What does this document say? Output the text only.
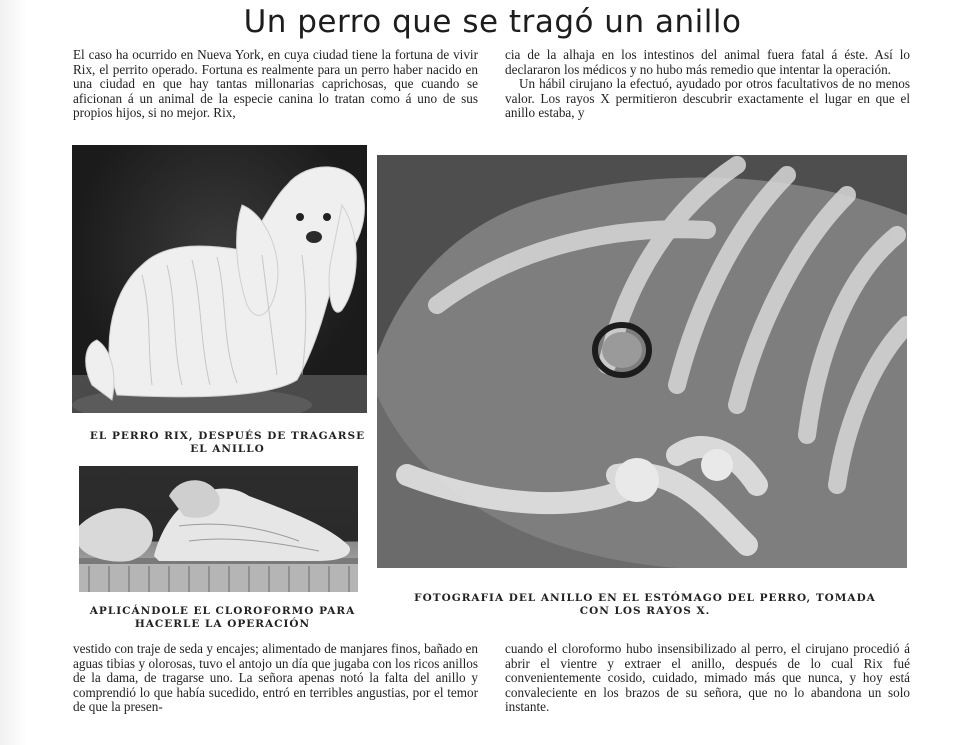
Un perro que se tragó un anillo

El caso ha ocurrido en Nueva York, en cuya ciudad tiene la fortuna de vivir Rix, el perrito operado. Fortuna es realmente para un perro haber nacido en una ciudad en que hay tantas millonarias caprichosas, que cuando se aficionan á un animal de la especie canina lo tratan como á uno de sus propios hijos, si no mejor. Rix,

cia de la alhaja en los intestinos del animal fuera fatal á éste. Así lo declararon los médicos y no hubo más remedio que intentar la operación.

Un hábil cirujano la efectuó, ayudado por otros facultativos de no menos valor. Los rayos X permitieron descubrir exactamente el lugar en que el anillo estaba, y

EL PERRO RIX, DESPUÉS DE TRAGARSE EL ANILLO
APLICÁNDOLE EL CLOROFORMO PARA HACERLE LA OPERACIÓN
FOTOGRAFIA DEL ANILLO EN EL ESTÓMAGO DEL PERRO, TOMADA CON LOS RAYOS X.

vestido con traje de seda y encajes; alimentado de manjares finos, bañado en aguas tibias y olorosas, tuvo el antojo un día que jugaba con los ricos anillos de la dama, de tragarse uno. La señora apenas notó la falta del anillo y comprendió lo que había sucedido, entró en terribles angustias, por el temor de que la presen-

cuando el cloroformo hubo insensibilizado al perro, el cirujano procedió á abrir el vientre y extraer el anillo, después de lo cual Rix fué convenientemente cosido, cuidado, mimado más que nunca, y hoy está convaleciente en los brazos de su señora, que no lo abandona un solo instante.
